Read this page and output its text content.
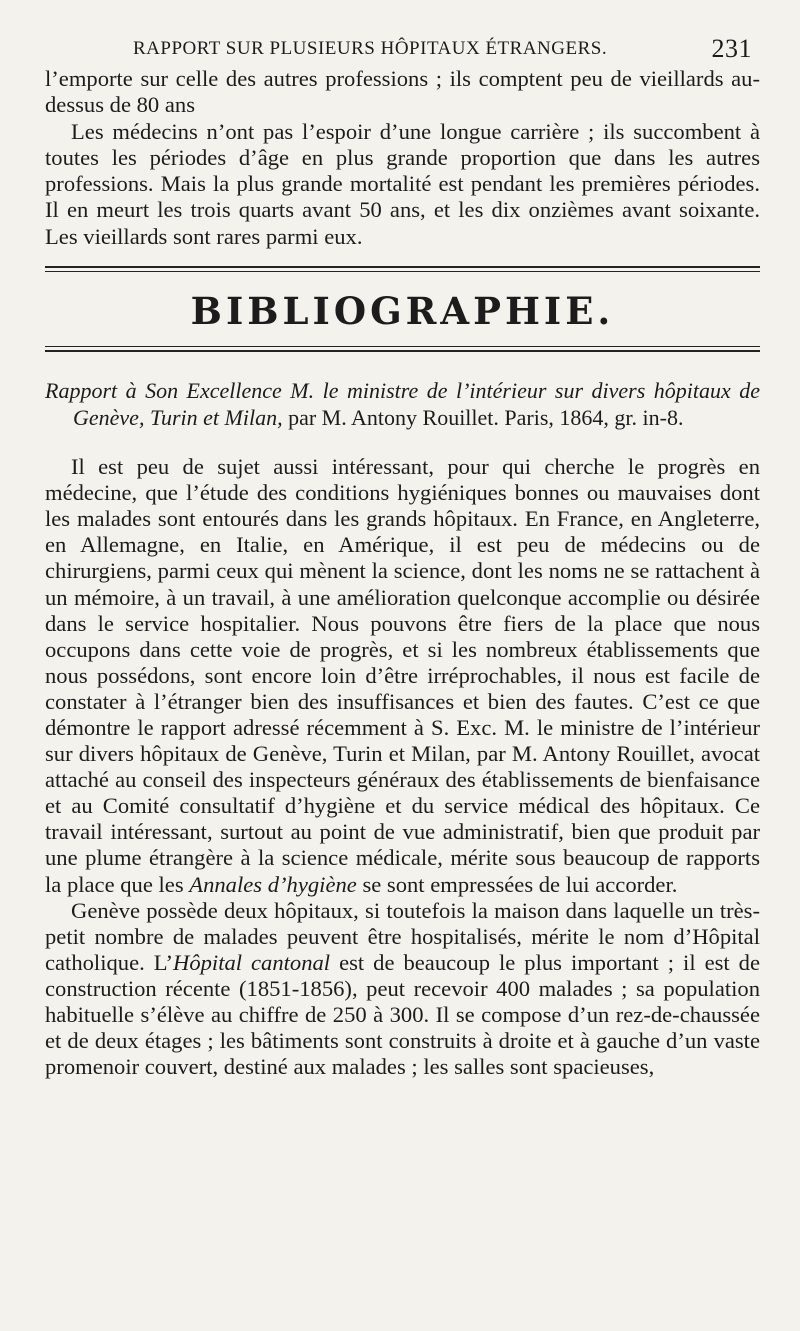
RAPPORT SUR PLUSIEURS HÔPITAUX ÉTRANGERS.	231

l’emporte sur celle des autres professions ; ils comptent peu de vieillards au-dessus de 80 ans

Les médecins n’ont pas l’espoir d’une longue carrière ; ils succombent à toutes les périodes d’âge en plus grande proportion que dans les autres professions. Mais la plus grande mortalité est pendant les premières périodes. Il en meurt les trois quarts avant 50 ans, et les dix onzièmes avant soixante. Les vieillards sont rares parmi eux.

BIBLIOGRAPHIE.

Rapport à Son Excellence M. le ministre de l’intérieur sur divers hôpitaux de Genève, Turin et Milan, par M. Antony Rouillet. Paris, 1864, gr. in-8.

Il est peu de sujet aussi intéressant, pour qui cherche le progrès en médecine, que l’étude des conditions hygiéniques bonnes ou mauvaises dont les malades sont entourés dans les grands hôpitaux. En France, en Angleterre, en Allemagne, en Italie, en Amérique, il est peu de médecins ou de chirurgiens, parmi ceux qui mènent la science, dont les noms ne se rattachent à un mémoire, à un travail, à une amélioration quelconque accomplie ou désirée dans le service hospitalier. Nous pouvons être fiers de la place que nous occupons dans cette voie de progrès, et si les nombreux établissements que nous possédons, sont encore loin d’être irréprochables, il nous est facile de constater à l’étranger bien des insuffisances et bien des fautes. C’est ce que démontre le rapport adressé récemment à S. Exc. M. le ministre de l’intérieur sur divers hôpitaux de Genève, Turin et Milan, par M. Antony Rouillet, avocat attaché au conseil des inspecteurs généraux des établissements de bienfaisance et au Comité consultatif d’hygiène et du service médical des hôpitaux. Ce travail intéressant, surtout au point de vue administratif, bien que produit par une plume étrangère à la science médicale, mérite sous beaucoup de rapports la place que les Annales d’hygiène se sont empressées de lui accorder.

Genève possède deux hôpitaux, si toutefois la maison dans laquelle un très-petit nombre de malades peuvent être hospitalisés, mérite le nom d’Hôpital catholique. L’Hôpital cantonal est de beaucoup le plus important ; il est de construction récente (1851-1856), peut recevoir 400 malades ; sa population habituelle s’élève au chiffre de 250 à 300. Il se compose d’un rez-de-chaussée et de deux étages ; les bâtiments sont construits à droite et à gauche d’un vaste promenoir couvert, destiné aux malades ; les salles sont spacieuses,
